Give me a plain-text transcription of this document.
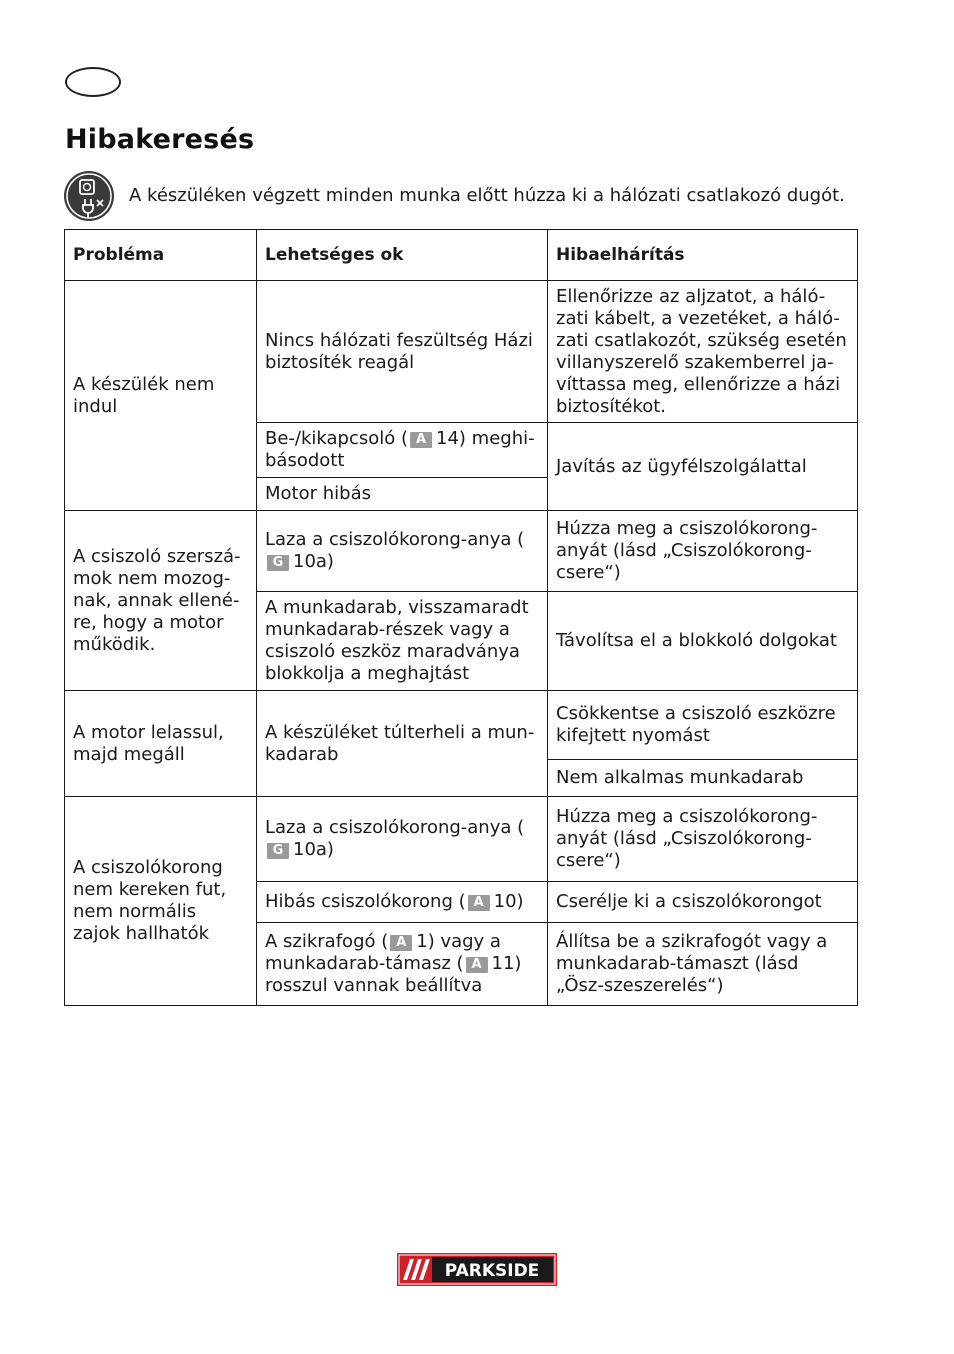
Hibakeresés
A készüléken végzett minden munka előtt húzza ki a hálózati csatlakozó dugót.
Probléma	Lehetséges ok	Hibaelhárítás
A készülék nem indul	Nincs hálózati feszültség Házi biztosíték reagál	Ellenőrizze az aljzatot, a háló-zati kábelt, a vezetéket, a háló-zati csatlakozót, szükség esetén villanyszerelő szakemberrel ja-víttassa meg, ellenőrizze a házi biztosítékot.
	Be-/kikapcsoló ( A 14) meghi-básodott	Javítás az ügyfélszolgálattal
	Motor hibás	
A csiszoló szerszá-mok nem mozog-nak, annak ellené-re, hogy a motor működik.	Laza a csiszolókorong-anya (G 10a)	Húzza meg a csiszolókorong-anyát (lásd „Csiszolókorong-csere“)
	A munkadarab, visszamaradt munkadarab-részek vagy a csiszoló eszköz maradványa blokkolja a meghajtást	Távolítsa el a blokkoló dolgokat
A motor lelassul, majd megáll	A készüléket túlterheli a mun-kadarab	Csökkentse a csiszoló eszközre kifejtett nyomást
		Nem alkalmas munkadarab
A csiszolókorong nem kereken fut, nem normális zajok hallhatók	Laza a csiszolókorong-anya (G 10a)	Húzza meg a csiszolókorong-anyát (lásd „Csiszolókorong-csere“)
	Hibás csiszolókorong ( A 10)	Cserélje ki a csiszolókorongot
	A szikrafogó ( A 1) vagy a munkadarab-támasz ( A 11) rosszul vannak beállítva	Állítsa be a szikrafogót vagy a munkadarab-támaszt (lásd „Ösz-szeszerelés“)
PARKSIDE
